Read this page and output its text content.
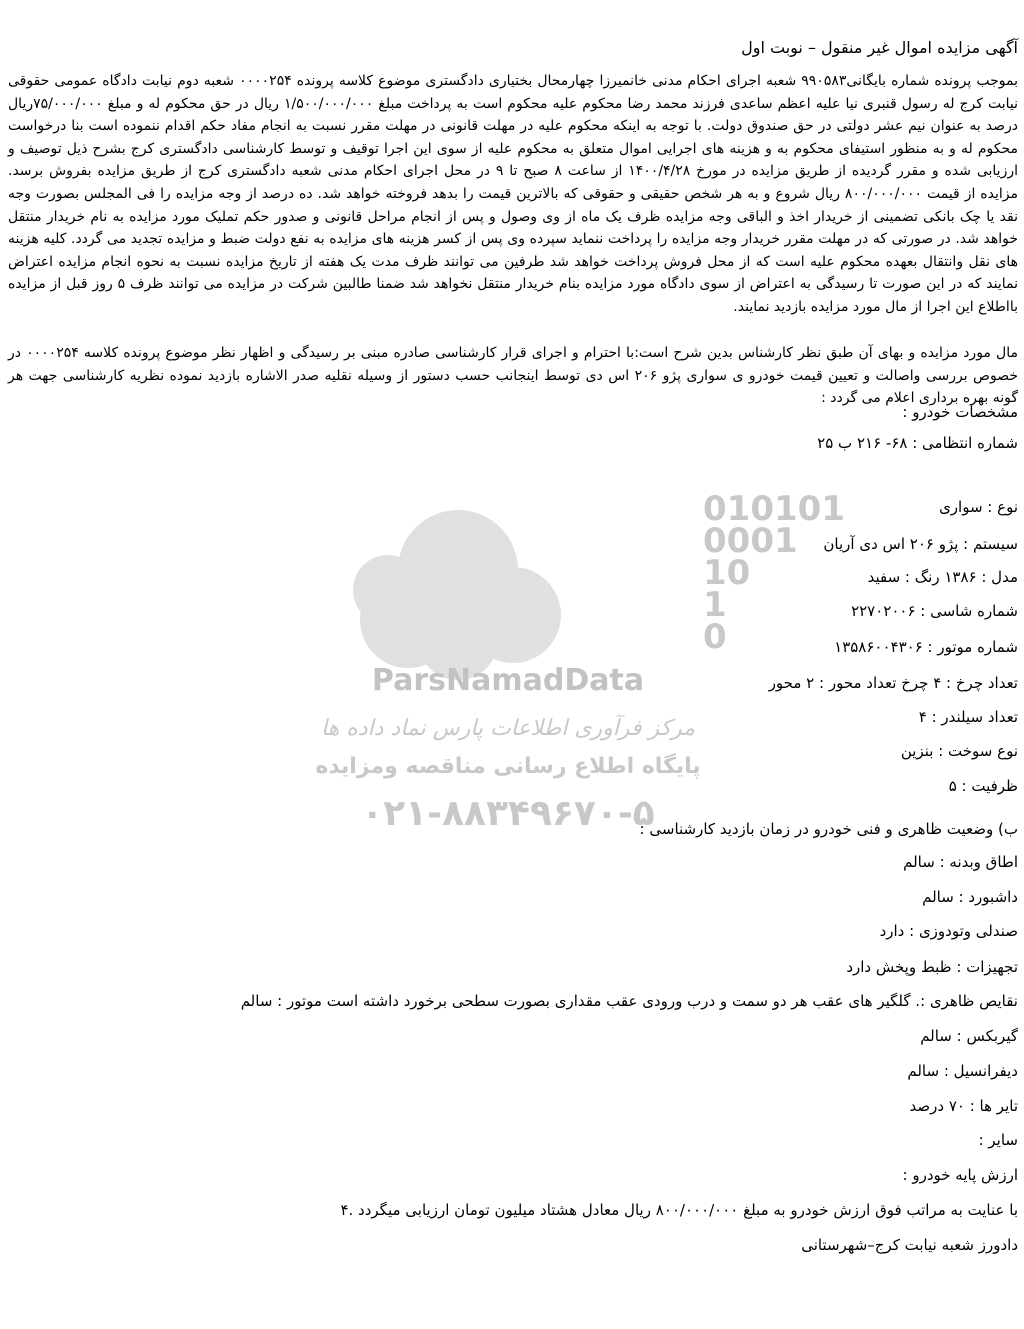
010101
0001
10
1
0
ParsNamadData
مرکز فرآوری اطلاعات پارس نماد داده ها
پایگاه اطلاع رسانی مناقصه ومزایده
۰۲۱-۸۸۳۴۹۶۷۰-۵
آگهی مزایده اموال غیر منقول – نوبت اول
بموجب پرونده شماره بایگانی۹۹۰۵۸۳ شعبه اجرای احکام مدنی خانمیرزا چهارمحال بختیاری دادگستری موضوع کلاسه پرونده ۰۰۰۰۲۵۴ شعبه دوم نیابت دادگاه عمومی حقوقی نیابت کرج له رسول قنبری نیا علیه اعظم ساعدی فرزند محمد رضا محکوم علیه محکوم است به پرداخت مبلغ ۱/۵۰۰/۰۰۰/۰۰۰ ریال در حق محکوم له و مبلغ ۷۵/۰۰۰/۰۰۰ریال درصد به عنوان نیم عشر دولتی در حق صندوق دولت. با توجه به اینکه محکوم علیه در مهلت قانونی در مهلت مقرر نسبت به انجام مفاد حکم اقدام ننموده است بنا درخواست محکوم له و به منظور استیفای محکوم به و هزینه های اجرایی اموال متعلق به محکوم علیه از سوی این اجرا توقیف و توسط کارشناسی دادگستری کرج بشرح ذیل توصیف و ارزیابی شده و مقرر گردیده از طریق مزایده در مورخ ۱۴۰۰/۴/۲۸ از ساعت ۸ صبح تا ۹ در محل اجرای احکام مدنی شعبه دادگستری کرج از طریق مزایده بفروش برسد. مزایده از قیمت ۸۰۰/۰۰۰/۰۰۰ ریال شروع و به هر شخص حقیقی و حقوقی که بالاترین قیمت را بدهد فروخته خواهد شد. ده درصد از وجه مزایده را فی المجلس بصورت وجه نقد یا چک بانکی تضمینی از خریدار اخذ و الباقی وجه مزایده ظرف یک ماه از وی وصول و پس از انجام مراحل قانونی و صدور حکم تملیک مورد مزایده به نام خریدار منتقل خواهد شد. در صورتی که در مهلت مقرر خریدار وجه مزایده را پرداخت ننماید سپرده وی پس از کسر هزینه های مزایده به نفع دولت ضبط و مزایده تجدید می گردد. کلیه هزینه های نقل وانتقال بعهده محکوم علیه است که از محل فروش پرداخت خواهد شد طرفین می توانند ظرف مدت یک هفته از تاریخ مزایده نسبت به نحوه انجام مزایده اعتراض نمایند که در این صورت تا رسیدگی به اعتراض از سوی دادگاه مورد مزایده بنام خریدار منتقل نخواهد شد ضمنا طالبین شرکت در مزایده می توانند ظرف ۵ روز قبل از مزایده بااطلاع این اجرا از مال مورد مزایده بازدید نمایند.
مال مورد مزایده و بهای آن طبق نظر کارشناس بدین شرح است:با احترام و اجرای قرار کارشناسی صادره مبنی بر رسیدگی و اظهار نظر موضوع پرونده کلاسه ۰۰۰۰۲۵۴ در خصوص بررسی واصالت و تعیین قیمت خودرو ی سواری پژو ۲۰۶ اس دی توسط اینجانب حسب دستور از وسیله نقلیه صدر الاشاره بازدید نموده نظریه کارشناسی جهت هر گونه بهره برداری اعلام می گردد :
مشخصات خودرو :
شماره انتظامی : ۶۸- ۲۱۶ ب ۲۵
نوع : سواری
سیستم : پژو ۲۰۶ اس دی آریان
مدل : ۱۳۸۶ رنگ : سفید
شماره شاسی : ۲۲۷۰۲۰۰۶
شماره موتور : ۱۳۵۸۶۰۰۴۳۰۶
تعداد چرخ : ۴ چرخ تعداد محور : ۲ محور
تعداد سیلندر : ۴
نوع سوخت : بنزین
ظرفیت : ۵
ب) وضعیت ظاهری و فنی خودرو در زمان بازدید کارشناسی :
اطاق وبدنه : سالم
داشبورد : سالم
صندلی وتودوزی : دارد
تجهیزات : ظبط وپخش دارد
نقایص ظاهری :. گلگیر های عقب هر دو سمت و درب ورودی عقب مقداری بصورت سطحی برخورد داشته است موتور : سالم
گیربکس : سالم
دیفرانسیل : سالم
تایر ها : ۷۰ درصد
سایر :
ارزش پایه خودرو :
با عنایت به مراتب فوق ارزش خودرو به مبلغ ۸۰۰/۰۰۰/۰۰۰ ریال معادل هشتاد میلیون تومان ارزیابی میگردد .۴
دادورز شعبه نیابت کرج–شهرستانی
